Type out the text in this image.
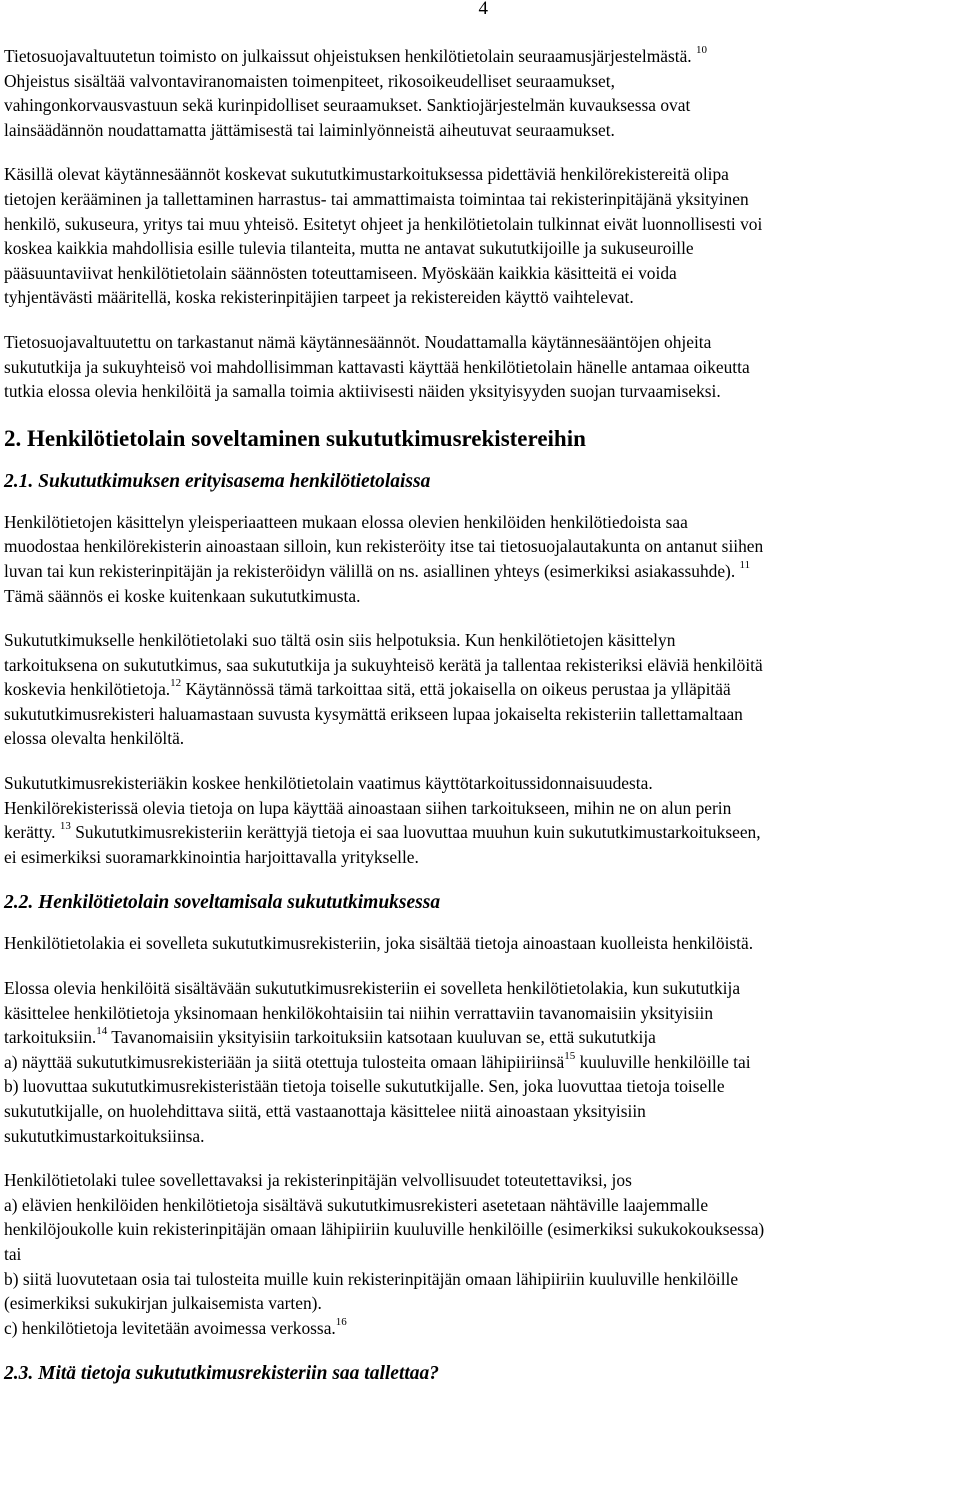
4

Tietosuojavaltuutetun toimisto on julkaissut ohjeistuksen henkilötietolain seuraamusjärjestelmästä. $^{10}$
Ohjeistus sisältää valvontaviranomaisten toimenpiteet, rikosoikeudelliset seuraamukset,
vahingonkorvausvastuun sekä kurinpidolliset seuraamukset. Sanktiojärjestelmän kuvauksessa ovat
lainsäädännön noudattamatta jättämisestä tai laiminlyönneistä aiheutuvat seuraamukset.

Käsillä olevat käytännesäännöt koskevat sukututkimustarkoituksessa pidettäviä henkilörekistereitä olipa
tietojen kerääminen ja tallettaminen harrastus- tai ammattimaista toimintaa tai rekisterinpitäjänä yksityinen
henkilö, sukuseura, yritys tai muu yhteisö. Esitetyt ohjeet ja henkilötietolain tulkinnat eivät luonnollisesti voi
koskea kaikkia mahdollisia esille tulevia tilanteita, mutta ne antavat sukututkijoille ja sukuseuroille
pääsuuntaviivat henkilötietolain säännösten toteuttamiseen. Myöskään kaikkia käsitteitä ei voida
tyhjentävästi määritellä, koska rekisterinpitäjien tarpeet ja rekistereiden käyttö vaihtelevat.

Tietosuojavaltuutettu on tarkastanut nämä käytännesäännöt. Noudattamalla käytännesääntöjen ohjeita
sukututkija ja sukuyhteisö voi mahdollisimman kattavasti käyttää henkilötietolain hänelle antamaa oikeutta
tutkia elossa olevia henkilöitä ja samalla toimia aktiivisesti näiden yksityisyyden suojan turvaamiseksi.

2. Henkilötietolain soveltaminen sukututkimusrekistereihin
2.1. Sukututkimuksen erityisasema henkilötietolaissa

Henkilötietojen käsittelyn yleisperiaatteen mukaan elossa olevien henkilöiden henkilötiedoista saa
muodostaa henkilörekisterin ainoastaan silloin, kun rekisteröity itse tai tietosuojalautakunta on antanut siihen
luvan tai kun rekisterinpitäjän ja rekisteröidyn välillä on ns. asiallinen yhteys (esimerkiksi asiakassuhde). $^{11}$
Tämä säännös ei koske kuitenkaan sukututkimusta.

Sukututkimukselle henkilötietolaki suo tältä osin siis helpotuksia. Kun henkilötietojen käsittelyn
tarkoituksena on sukututkimus, saa sukututkija ja sukuyhteisö kerätä ja tallentaa rekisteriksi eläviä henkilöitä
koskevia henkilötietoja.$^{12}$ Käytännössä tämä tarkoittaa sitä, että jokaisella on oikeus perustaa ja ylläpitää
sukututkimusrekisteri haluamastaan suvusta kysymättä erikseen lupaa jokaiselta rekisteriin tallettamaltaan
elossa olevalta henkilöltä.

Sukututkimusrekisteriäkin koskee henkilötietolain vaatimus käyttötarkoitussidonnaisuudesta.
Henkilörekisterissä olevia tietoja on lupa käyttää ainoastaan siihen tarkoitukseen, mihin ne on alun perin
kerätty. $^{13}$ Sukututkimusrekisteriin kerättyjä tietoja ei saa luovuttaa muuhun kuin sukututkimustarkoitukseen,
ei esimerkiksi suoramarkkinointia harjoittavalla yritykselle.

2.2. Henkilötietolain soveltamisala sukututkimuksessa

Henkilötietolakia ei sovelleta sukututkimusrekisteriin, joka sisältää tietoja ainoastaan kuolleista henkilöistä.

Elossa olevia henkilöitä sisältävään sukututkimusrekisteriin ei sovelleta henkilötietolakia, kun sukututkija
käsittelee henkilötietoja yksinomaan henkilökohtaisiin tai niihin verrattaviin tavanomaisiin yksityisiin
tarkoituksiin.$^{14}$ Tavanomaisiin yksityisiin tarkoituksiin katsotaan kuuluvan se, että sukututkija
a) näyttää sukututkimusrekisteriään ja siitä otettuja tulosteita omaan lähipiiriinsä$^{15}$ kuuluville henkilöille tai
b) luovuttaa sukututkimusrekisteristään tietoja toiselle sukututkijalle. Sen, joka luovuttaa tietoja toiselle
sukututkijalle, on huolehdittava siitä, että vastaanottaja käsittelee niitä ainoastaan yksityisiin
sukututkimustarkoituksiinsa.

Henkilötietolaki tulee sovellettavaksi ja rekisterinpitäjän velvollisuudet toteutettaviksi, jos
a) elävien henkilöiden henkilötietoja sisältävä sukututkimusrekisteri asetetaan nähtäville laajemmalle
henkilöjoukolle kuin rekisterinpitäjän omaan lähipiiriin kuuluville henkilöille (esimerkiksi sukukokouksessa)
tai
b) siitä luovutetaan osia tai tulosteita muille kuin rekisterinpitäjän omaan lähipiiriin kuuluville henkilöille
(esimerkiksi sukukirjan julkaisemista varten).
c) henkilötietoja levitetään avoimessa verkossa.$^{16}$

2.3. Mitä tietoja sukututkimusrekisteriin saa tallettaa?
